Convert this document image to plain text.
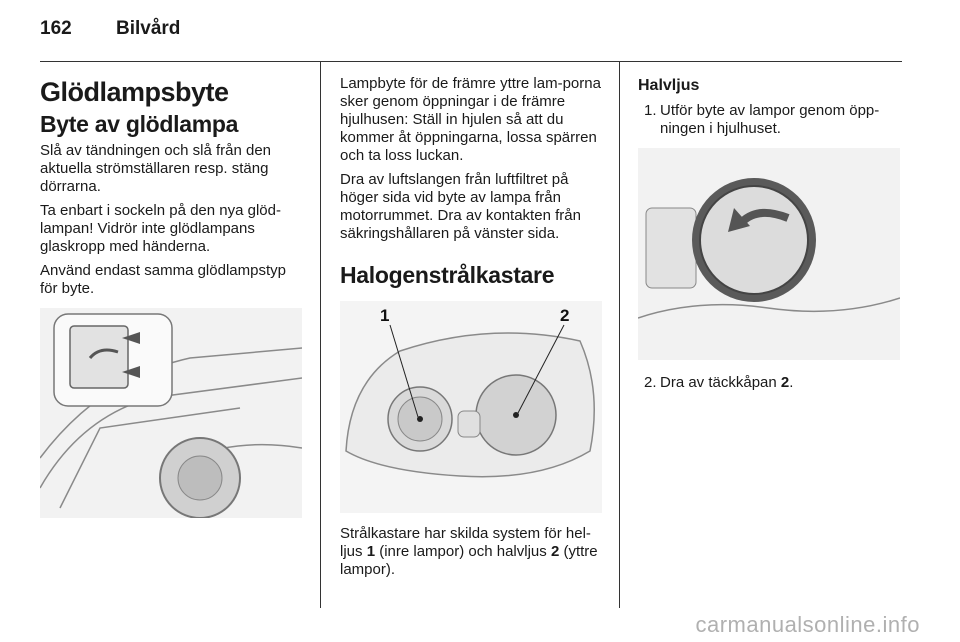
162 Bilvård
Glödlampsbyte
Byte av glödlampa

Slå av tändningen och slå från den aktuella strömställaren resp. stäng dörrarna.

Ta enbart i sockeln på den nya glöd-lampan! Vidrör inte glödlampans glaskropp med händerna.

Använd endast samma glödlampstyp för byte.

Lampbyte för de främre yttre lam-porna sker genom öppningar i de främre hjulhusen: Ställ in hjulen så att du kommer åt öppningarna, lossa spärren och ta loss luckan.

Dra av luftslangen från luftfiltret på höger sida vid byte av lampa från motorrummet. Dra av kontakten från säkringshållaren på vänster sida.

Halogenstrålkastare
1	2

Strålkastare har skilda system för hel-ljus 1 (inre lampor) och halvljus 2 (yttre lampor).

Halvljus
1. Utför byte av lampor genom öpp-ningen i hjulhuset.
2. Dra av täckkåpan 2.
carmanualsonline.info
